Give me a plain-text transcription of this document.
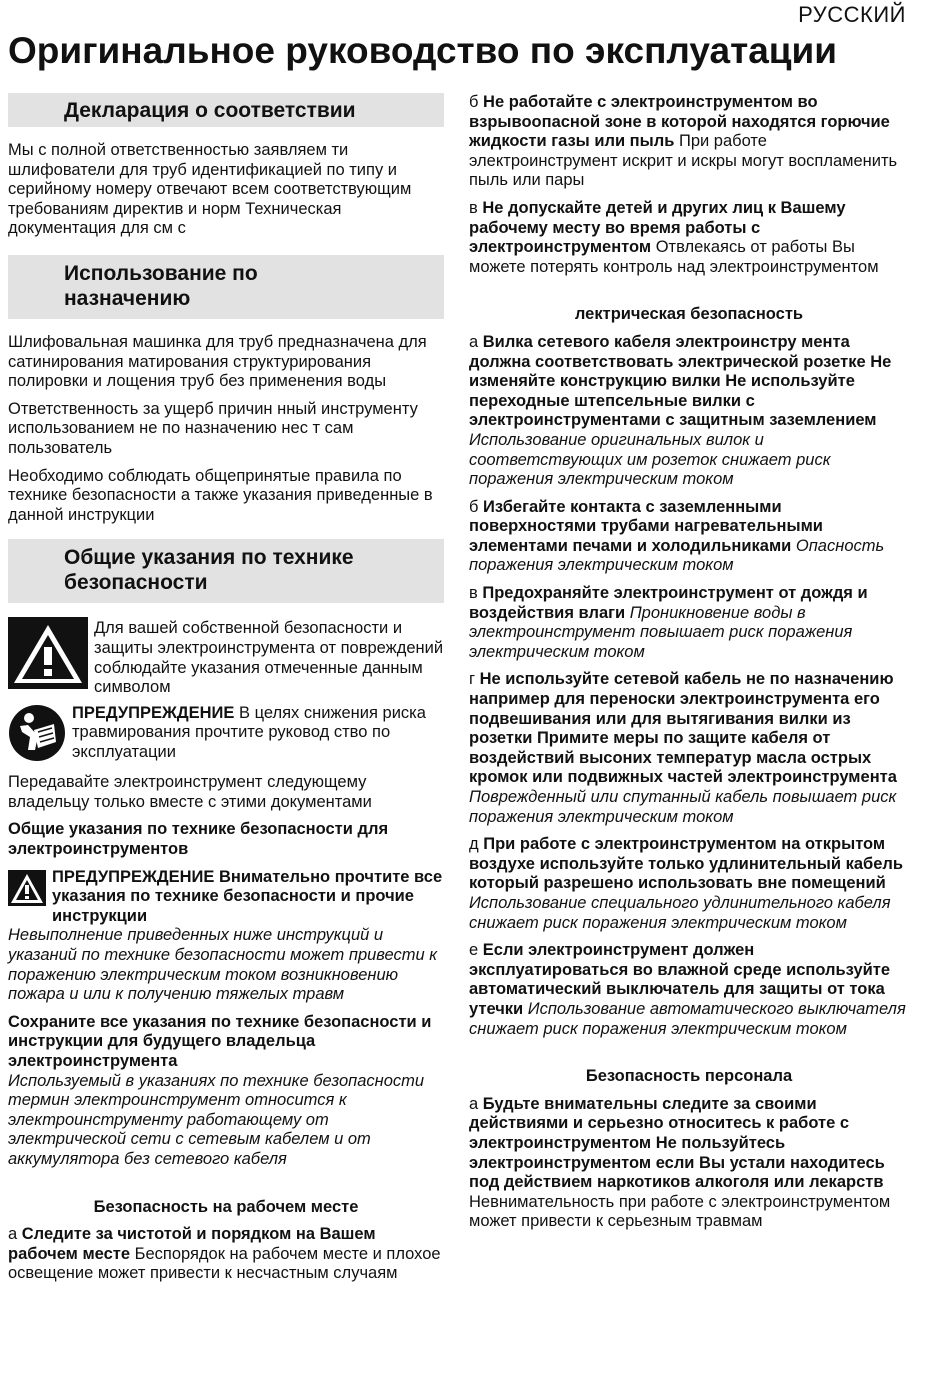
РУССКИЙ
Оригинальное руководство по эксплуатации
Декларация о соответствии

Мы с полной ответственностью заявляем ти шлифователи для труб идентификацией по типу и серийному номеру отвечают всем соответствующим требованиям директив и норм Техническая документация для см с

Использование по назначению

Шлифовальная машинка для труб предназначена для сатинирования матирования структурирования полировки и лощения труб без применения воды

Ответственность за ущерб причин нный инструменту использованием не по назначению нес т сам пользователь

Необходимо соблюдать общепринятые правила по технике безопасности а также указания приведенные в данной инструкции

Общие указания по технике безопасности
Для вашей собственной безопасности и защиты электроинструмента от повреждений соблюдайте указания отмеченные данным символом
ПРЕДУПРЕЖДЕНИЕ В целях снижения риска травмирования прочтите руковод ство по эксплуатации

Передавайте электроинструмент следующему владельцу только вместе с этими документами

Общие указания по технике безопасности для электроинструментов

ПРЕДУПРЕЖДЕНИЕ Внимательно прочтите все указания по технике безопасности и прочие инструкции
Невыполнение приведенных ниже инструкций и указаний по технике безопасности может привести к поражению электрическим током возникновению пожара и или к получению тяжелых травм

Сохраните все указания по технике безопасности и инструкции для будущего владельца электроинструмента
Используемый в указаниях по технике безопасности термин электроинструмент относится к электроинструменту работающему от электрической сети с сетевым кабелем и от аккумулятора без сетевого кабеля

Безопасность на рабочем месте

а Следите за чистотой и порядком на Вашем рабочем месте Беспорядок на рабочем месте и плохое освещение может привести к несчастным случаям

б Не работайте с электроинструментом во взрывоопасной зоне в которой находятся горючие жидкости газы или пыль При работе электроинструмент искрит и искры могут воспламенить пыль или пары

в Не допускайте детей и других лиц к Вашему рабочему месту во время работы с электроинструментом Отвлекаясь от работы Вы можете потерять контроль над электроинструментом

лектрическая безопасность

а Вилка сетевого кабеля электроинстру мента должна соответствовать электрической розетке Не изменяйте конструкцию вилки Не используйте переходные штепсельные вилки с электроинструментами с защитным заземлением Использование оригинальных вилок и соответствующих им розеток снижает риск поражения электрическим током

б Избегайте контакта с заземленными поверхностями трубами нагревательными элементами печами и холодильниками Опасность поражения электрическим током

в Предохраняйте электроинструмент от дождя и воздействия влаги Проникновение воды в электроинструмент повышает риск поражения электрическим током

г Не используйте сетевой кабель не по назначению например для переноски электроинструмента его подвешивания или для вытягивания вилки из розетки Примите меры по защите кабеля от воздействий высоних температур масла острых кромок или подвижных частей электроинструмента Поврежденный или спутанный кабель повышает риск поражения электрическим током

д При работе с электроинструментом на открытом воздухе используйте только удлинительный кабель который разрешено использовать вне помещений Использование специального удлинительного кабеля снижает риск поражения электрическим током

е Если электроинструмент должен эксплуатироваться во влажной среде используйте автоматический выключатель для защиты от тока утечки Использование автоматического выключателя снижает риск поражения электрическим током

Безопасность персонала

а Будьте внимательны следите за своими действиями и серьезно относитесь к работе с электроинструментом Не пользуйтесь электроинструментом если Вы устали находитесь под действием наркотиков алкоголя или лекарств Невнимательность при работе с электроинструментом может привести к серьезным травмам
